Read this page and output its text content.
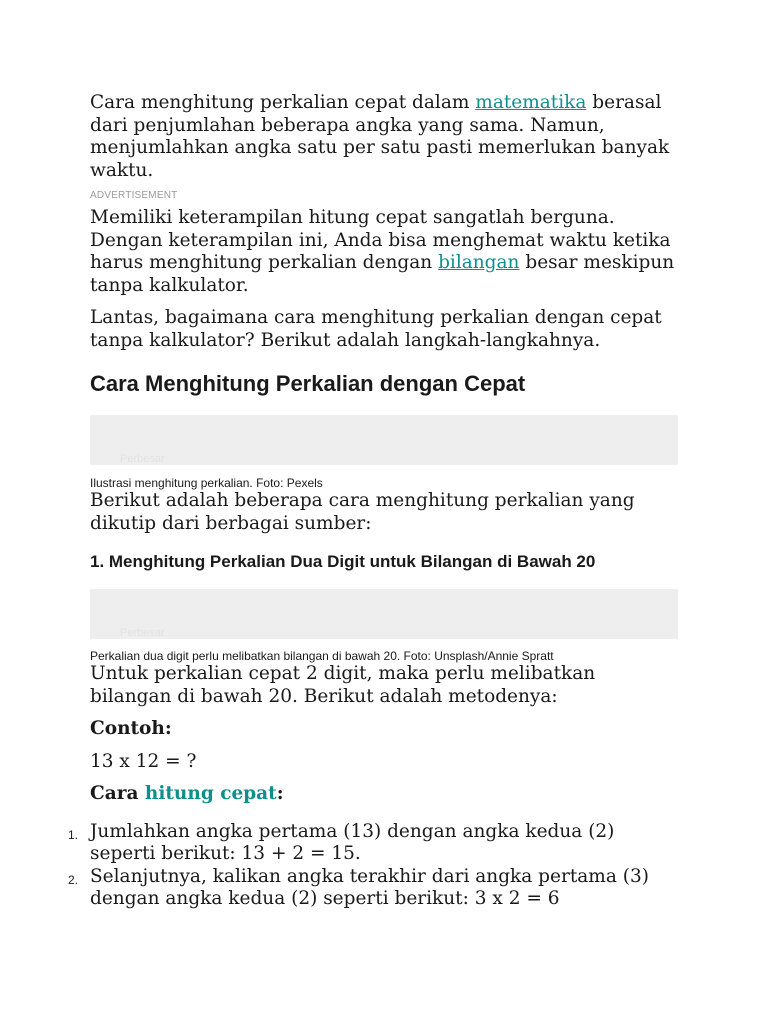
Cara menghitung perkalian cepat dalam matematika berasal dari penjumlahan beberapa angka yang sama. Namun, menjumlahkan angka satu per satu pasti memerlukan banyak waktu.

ADVERTISEMENT

Memiliki keterampilan hitung cepat sangatlah berguna. Dengan keterampilan ini, Anda bisa menghemat waktu ketika harus menghitung perkalian dengan bilangan besar meskipun tanpa kalkulator.

Lantas, bagaimana cara menghitung perkalian dengan cepat tanpa kalkulator? Berikut adalah langkah-langkahnya.

Cara Menghitung Perkalian dengan Cepat
Perbesar

Ilustrasi menghitung perkalian. Foto: Pexels

Berikut adalah beberapa cara menghitung perkalian yang dikutip dari berbagai sumber:

1. Menghitung Perkalian Dua Digit untuk Bilangan di Bawah 20
Perbesar

Perkalian dua digit perlu melibatkan bilangan di bawah 20. Foto: Unsplash/Annie Spratt

Untuk perkalian cepat 2 digit, maka perlu melibatkan bilangan di bawah 20. Berikut adalah metodenya:

Contoh:

13 x 12 = ?

Cara hitung cepat:

1. Jumlahkan angka pertama (13) dengan angka kedua (2) seperti berikut: 13 + 2 = 15.
2. Selanjutnya, kalikan angka terakhir dari angka pertama (3) dengan angka kedua (2) seperti berikut: 3 x 2 = 6
